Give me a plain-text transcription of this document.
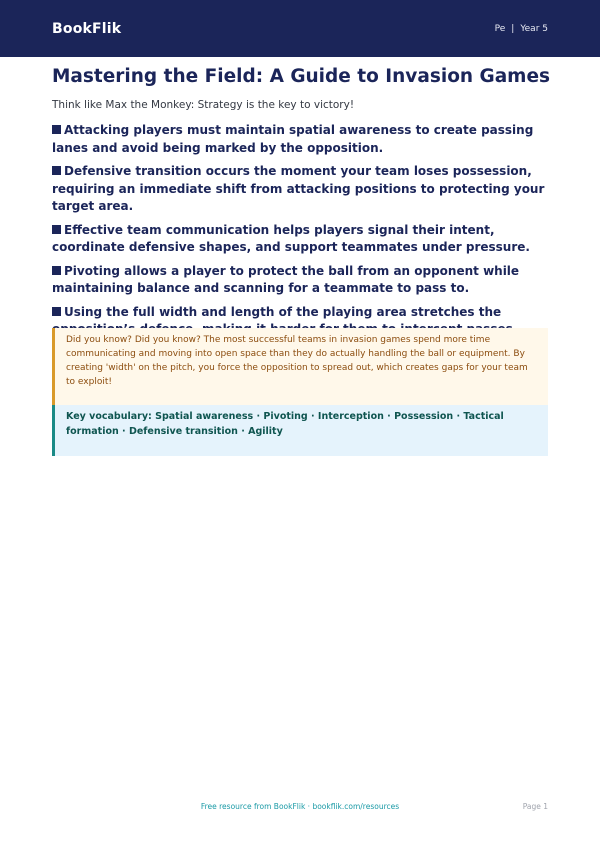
BookFlik	Pe | Year 5
Mastering the Field: A Guide to Invasion Games

Think like Max the Monkey: Strategy is the key to victory!

Attacking players must maintain spatial awareness to create passing lanes and avoid being marked by the opposition.
Defensive transition occurs the moment your team loses possession, requiring an immediate shift from attacking positions to protecting your target area.
Effective team communication helps players signal their intent, coordinate defensive shapes, and support teammates under pressure.
Pivoting allows a player to protect the ball from an opponent while maintaining balance and scanning for a teammate to pass to.
Using the full width and length of the playing area stretches the
Did you know? Did you know? The most successful teams in invasion games spend more time communicating and moving into open space than they do actually handling the ball or equipment. By creating 'width' on the pitch, you force the opposition to spread out, which creates gaps for your team to exploit!
Key vocabulary: Spatial awareness · Pivoting · Interception · Possession · Tactical formation · Defensive transition · Agility
Free resource from BookFlik · bookflik.com/resources	Page 1
